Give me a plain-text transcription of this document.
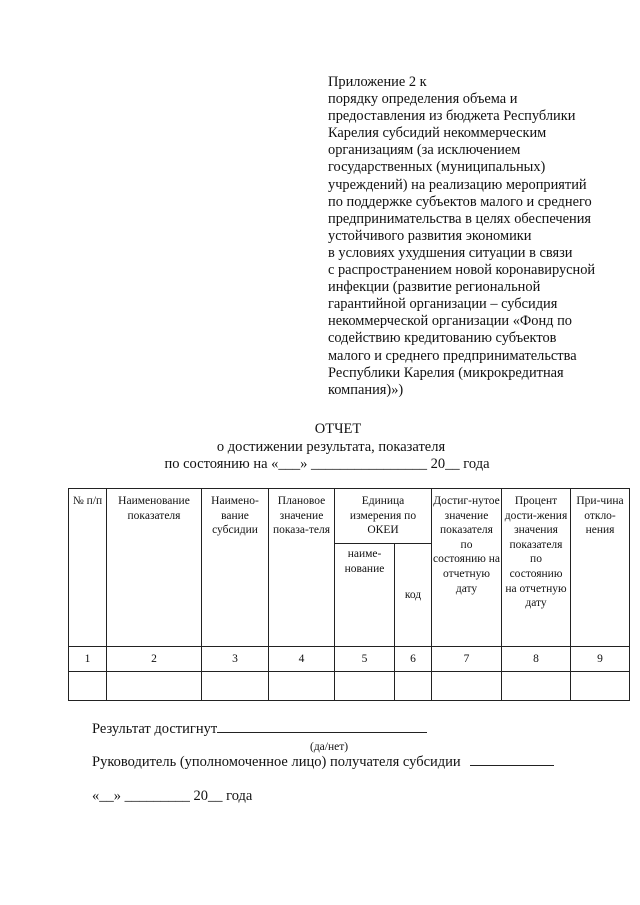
Приложение 2 к
порядку определения объема и
предоставления из бюджета Республики
Карелия субсидий некоммерческим
организациям (за исключением
государственных (муниципальных)
учреждений) на реализацию мероприятий
по поддержке субъектов малого и среднего
предпринимательства в целях обеспечения
устойчивого развития экономики
в условиях ухудшения ситуации в связи
с распространением новой коронавирусной
инфекции (развитие региональной
гарантийной организации – субсидия
некоммерческой организации «Фонд по
содействию кредитованию субъектов
малого и среднего предпринимательства
Республики Карелия (микрокредитная
компания)»)
ОТЧЕТ
о достижении результата, показателя
по состоянию на «___» ________________ 20__ года
№ п/п	Наименование показателя	Наимено-вание субсидии	Плановое значение показа-теля	Единица измерения по ОКЕИ		Достиг-нутое значение показателя по состоянию на отчетную дату	Процент дости-жения значения показателя по состоянию на отчетную дату	При-чина откло-нения
				наиме-нование	код			
1	2	3	4	5	6	7	8	9

Результат достигнут
(да/нет)
Руководитель (уполномоченное лицо) получателя субсидии
«__» _________ 20__ года
